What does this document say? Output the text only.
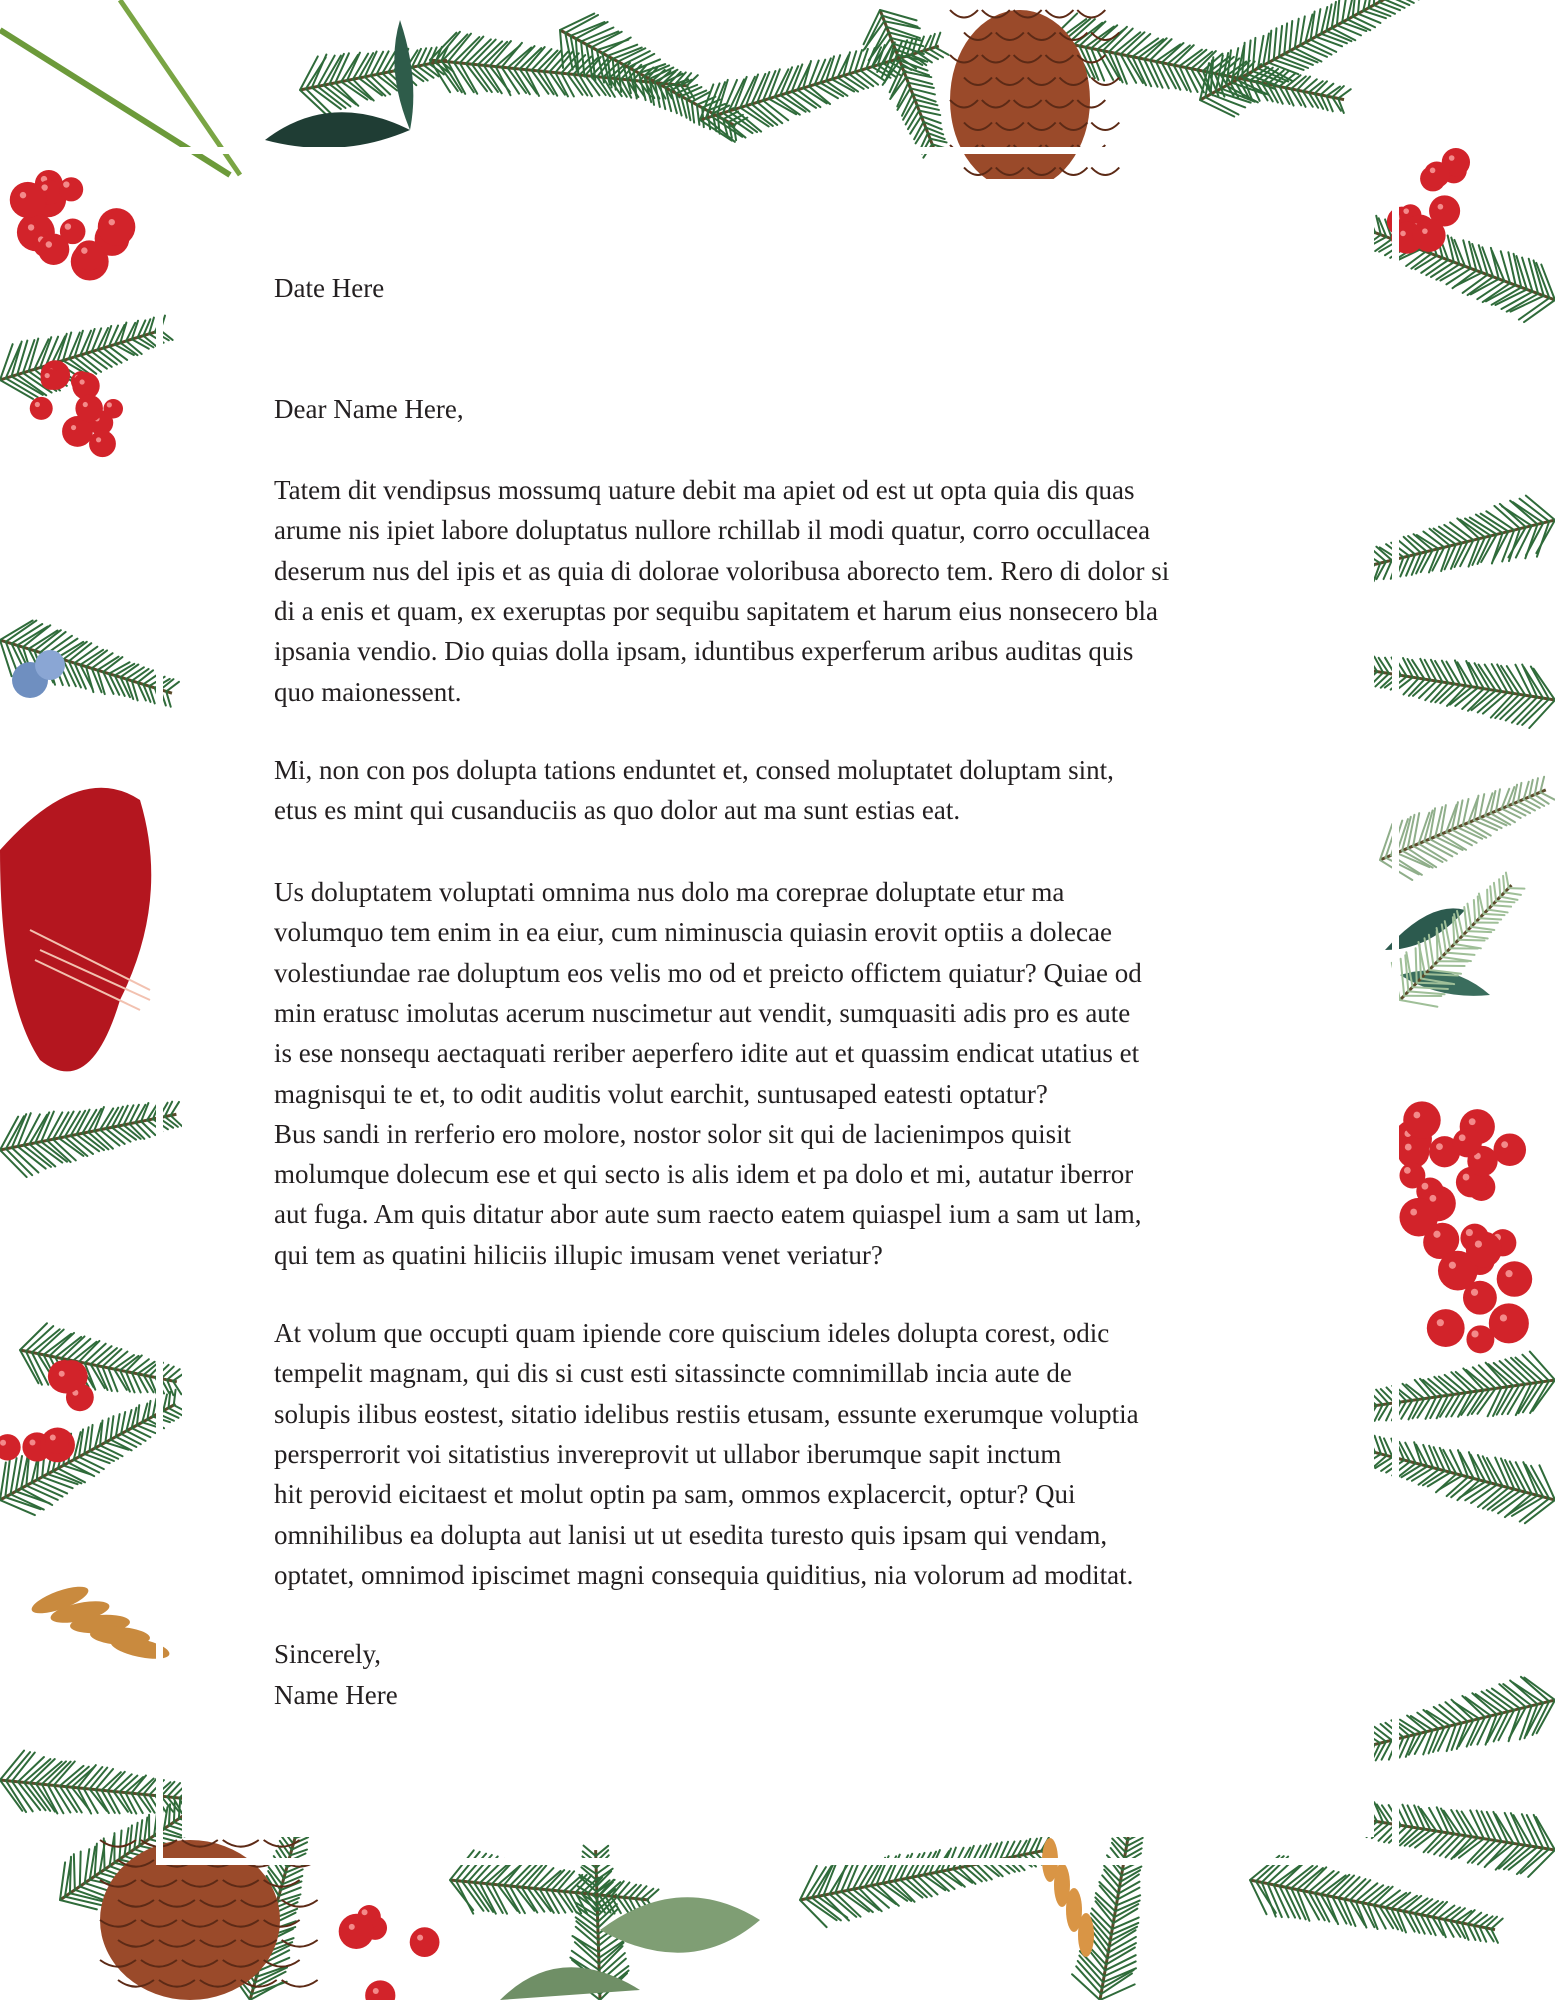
Date Here
Dear Name Here,
Tatem dit vendipsus mossumq uature debit ma apiet od est ut opta quia dis quas
arume nis ipiet labore doluptatus nullore rchillab il modi quatur, corro occullacea
deserum nus del ipis et as quia di dolorae voloribusa aborecto tem. Rero di dolor si
di a enis et quam, ex exeruptas por sequibu sapitatem et harum eius nonsecero bla
ipsania vendio. Dio quias dolla ipsam, iduntibus experferum aribus auditas quis
quo maionessent.
Mi, non con pos dolupta tations enduntet et, consed moluptatet doluptam sint,
etus es mint qui cusanduciis as quo dolor aut ma sunt estias eat.
Us doluptatem voluptati omnima nus dolo ma coreprae doluptate etur ma
volumquo tem enim in ea eiur, cum niminuscia quiasin erovit optiis a dolecae
volestiundae rae doluptum eos velis mo od et preicto offictem quiatur? Quiae od
min eratusc imolutas acerum nuscimetur aut vendit, sumquasiti adis pro es aute
is ese nonsequ aectaquati reriber aeperfero idite aut et quassim endicat utatius et
magnisqui te et, to odit auditis volut earchit, suntusaped eatesti optatur?
Bus sandi in rerferio ero molore, nostor solor sit qui de lacienimpos quisit
molumque dolecum ese et qui secto is alis idem et pa dolo et mi, autatur iberror
aut fuga. Am quis ditatur abor aute sum raecto eatem quiaspel ium a sam ut lam,
qui tem as quatini hiliciis illupic imusam venet veriatur?
At volum que occupti quam ipiende core quiscium ideles dolupta corest, odic
tempelit magnam, qui dis si cust esti sitassincte comnimillab incia aute de
solupis ilibus eostest, sitatio idelibus restiis etusam, essunte exerumque voluptia
persperrorit voi sitatistius invereprovit ut ullabor iberumque sapit inctum
hit perovid eicitaest et molut optin pa sam, ommos explacercit, optur? Qui
omnihilibus ea dolupta aut lanisi ut ut esedita turesto quis ipsam qui vendam,
optatet, omnimod ipiscimet magni consequia quiditius, nia volorum ad moditat.
Sincerely,
Name Here
